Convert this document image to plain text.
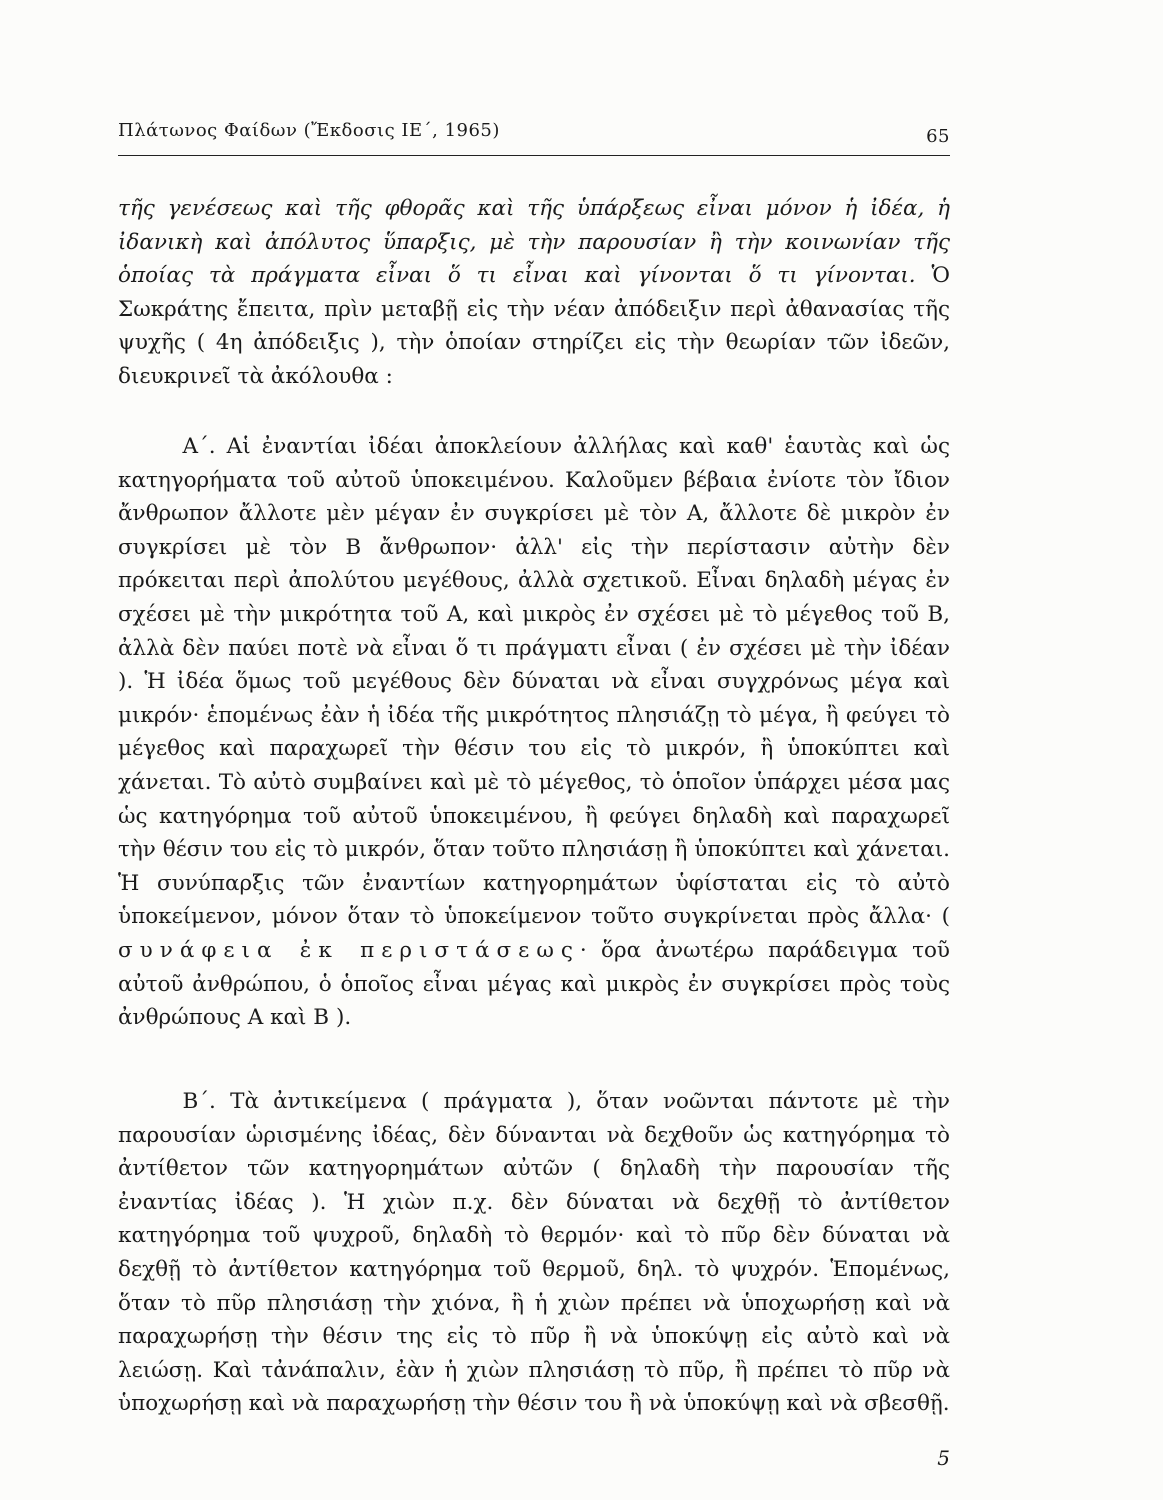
Πλάτωνος Φαίδων (Ἔκδοσις ΙΕ΄, 1965)	65
τῆς γενέσεως καὶ τῆς φθορᾶς καὶ τῆς ὑπάρξεως εἶναι μόνον ἡ ἰδέα, ἡ ἰδανικὴ καὶ ἀπόλυτος ὕπαρξις, μὲ τὴν παρουσίαν ἢ τὴν κοινωνίαν τῆς ὁποίας τὰ πράγματα εἶναι ὅ τι εἶναι καὶ γίνονται ὅ τι γίνονται. Ὁ Σωκράτης ἔπειτα, πρὶν μεταβῇ εἰς τὴν νέαν ἀπόδειξιν περὶ ἀθανασίας τῆς ψυχῆς ( 4η ἀπόδειξις ), τὴν ὁποίαν στηρίζει εἰς τὴν θεωρίαν τῶν ἰδεῶν, διευκρινεῖ τὰ ἀκόλουθα :
   Α΄. Αἱ ἐναντίαι ἰδέαι ἀποκλείουν ἀλλήλας καὶ καθ' ἑαυτὰς καὶ ὡς κατηγορήματα τοῦ αὐτοῦ ὑποκειμένου. Καλοῦμεν βέβαια ἐνίοτε τὸν ἴδιον ἄνθρωπον ἄλλοτε μὲν μέγαν ἐν συγκρίσει μὲ τὸν Α, ἄλλοτε δὲ μικρὸν ἐν συγκρίσει μὲ τὸν Β ἄνθρωπον· ἀλλ' εἰς τὴν περίστασιν αὐτὴν δὲν πρόκειται περὶ ἀπολύτου μεγέθους, ἀλλὰ σχετικοῦ. Εἶναι δηλαδὴ μέγας ἐν σχέσει μὲ τὴν μικρότητα τοῦ Α, καὶ μικρὸς ἐν σχέσει μὲ τὸ μέγεθος τοῦ Β, ἀλλὰ δὲν παύει ποτὲ νὰ εἶναι ὅ τι πράγματι εἶναι ( ἐν σχέσει μὲ τὴν ἰδέαν ). Ἡ ἰδέα ὅμως τοῦ μεγέθους δὲν δύναται νὰ εἶναι συγχρόνως μέγα καὶ μικρόν· ἑπομένως ἐὰν ἡ ἰδέα τῆς μικρότητος πλησιάζῃ τὸ μέγα, ἢ φεύγει τὸ μέγεθος καὶ παραχωρεῖ τὴν θέσιν του εἰς τὸ μικρόν, ἢ ὑποκύπτει καὶ χάνεται. Τὸ αὐτὸ συμβαίνει καὶ μὲ τὸ μέγεθος, τὸ ὁποῖον ὑπάρχει μέσα μας ὡς κατηγόρημα τοῦ αὐτοῦ ὑποκειμένου, ἢ φεύγει δηλαδὴ καὶ παραχωρεῖ τὴν θέσιν του εἰς τὸ μικρόν, ὅταν τοῦτο πλησιάσῃ ἢ ὑποκύπτει καὶ χάνεται. Ἡ συνύπαρξις τῶν ἐναντίων κατηγορημάτων ὑφίσταται εἰς τὸ αὐτὸ ὑποκείμενον, μόνον ὅταν τὸ ὑποκείμενον τοῦτο συγκρίνεται πρὸς ἄλλα· ( συνάφεια ἐκ περιστάσεως· ὅρα ἀνωτέρω παράδειγμα τοῦ αὐτοῦ ἀνθρώπου, ὁ ὁποῖος εἶναι μέγας καὶ μικρὸς ἐν συγκρίσει πρὸς τοὺς ἀνθρώπους Α καὶ Β ).
   Β΄. Τὰ ἀντικείμενα ( πράγματα ), ὅταν νοῶνται πάντοτε μὲ τὴν παρουσίαν ὡρισμένης ἰδέας, δὲν δύνανται νὰ δεχθοῦν ὡς κατηγόρημα τὸ ἀντίθετον τῶν κατηγορημάτων αὐτῶν ( δηλαδὴ τὴν παρουσίαν τῆς ἐναντίας ἰδέας ). Ἡ χιὼν π.χ. δὲν δύναται νὰ δεχθῇ τὸ ἀντίθετον κατηγόρημα τοῦ ψυχροῦ, δηλαδὴ τὸ θερμόν· καὶ τὸ πῦρ δὲν δύναται νὰ δεχθῇ τὸ ἀντίθετον κατηγόρημα τοῦ θερμοῦ, δηλ. τὸ ψυχρόν. Ἑπομένως, ὅταν τὸ πῦρ πλησιάσῃ τὴν χιόνα, ἢ ἡ χιὼν πρέπει νὰ ὑποχωρήσῃ καὶ νὰ παραχωρήσῃ τὴν θέσιν της εἰς τὸ πῦρ ἢ νὰ ὑποκύψῃ εἰς αὐτὸ καὶ νὰ λειώσῃ. Καὶ τἀνάπαλιν, ἐὰν ἡ χιὼν πλησιάσῃ τὸ πῦρ, ἢ πρέπει τὸ πῦρ νὰ ὑποχωρήσῃ καὶ νὰ παραχωρήσῃ τὴν θέσιν του ἢ νὰ ὑποκύψῃ καὶ νὰ σβεσθῇ.
5
